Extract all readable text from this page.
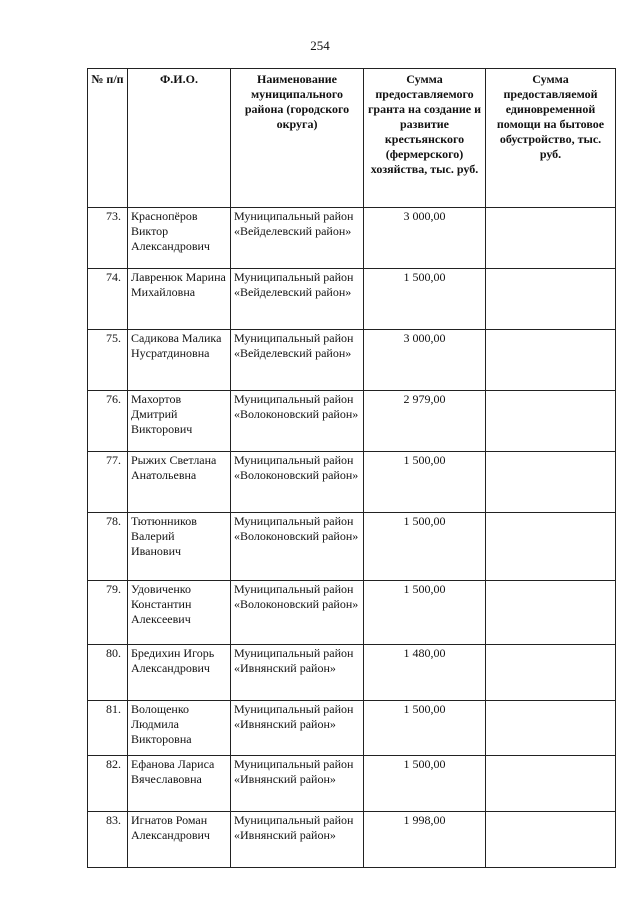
254
№ п/п	Ф.И.О.	Наименование муниципального района (городского округа)	Сумма предоставляемого гранта на создание и развитие крестьянского (фермерского) хозяйства, тыс. руб.	Сумма предоставляемой единовременной помощи на бытовое обустройство, тыс. руб.
73.	Краснопёров Виктор Александрович	Муниципальный район «Вейделевский район»	3 000,00	
74.	Лавренюк Марина Михайловна	Муниципальный район «Вейделевский район»	1 500,00	
75.	Садикова Малика Нусратдиновна	Муниципальный район «Вейделевский район»	3 000,00	
76.	Махортов Дмитрий Викторович	Муниципальный район «Волоконовский район»	2 979,00	
77.	Рыжих Светлана Анатольевна	Муниципальный район «Волоконовский район»	1 500,00	
78.	Тютюнников Валерий Иванович	Муниципальный район «Волоконовский район»	1 500,00	
79.	Удовиченко Константин Алексеевич	Муниципальный район «Волоконовский район»	1 500,00	
80.	Бредихин Игорь Александрович	Муниципальный район «Ивнянский район»	1 480,00	
81.	Волощенко Людмила Викторовна	Муниципальный район «Ивнянский район»	1 500,00	
82.	Ефанова Лариса Вячеславовна	Муниципальный район «Ивнянский район»	1 500,00	
83.	Игнатов Роман Александрович	Муниципальный район «Ивнянский район»	1 998,00	
